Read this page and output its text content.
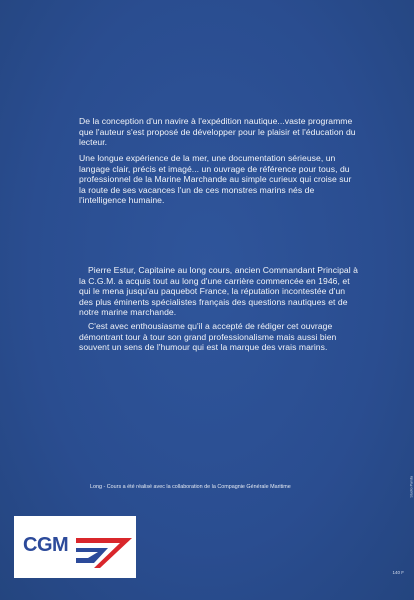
De la conception d'un navire à l'expédition nautique...vaste programme que l'auteur s'est proposé de développer pour le plaisir et l'éducation du lecteur.

Une longue expérience de la mer, une documentation sérieuse, un langage clair, précis et imagé... un ouvrage de référence pour tous, du professionnel de la Marine Marchande au simple curieux qui croise sur la route de ses vacances l'un de ces monstres marins nés de l'intelligence humaine.

Pierre Estur, Capitaine au long cours, ancien Commandant Principal à la C.G.M. a acquis tout au long d'une carrière commencée en 1946, et qui le mena jusqu'au paquebot France, la réputation incontestée d'un des plus éminents spécialistes français des questions nautiques et de notre marine marchande.

C'est avec enthousiasme qu'il a accepté de rédiger cet ouvrage démontrant tour à tour son grand professionalisme mais aussi bien souvent un sens de l'humour qui est la marque des vrais marins.

Long - Cours a été réalisé avec la collaboration de la Compagnie Générale Maritime	Studio Panda
CGM
140 F
